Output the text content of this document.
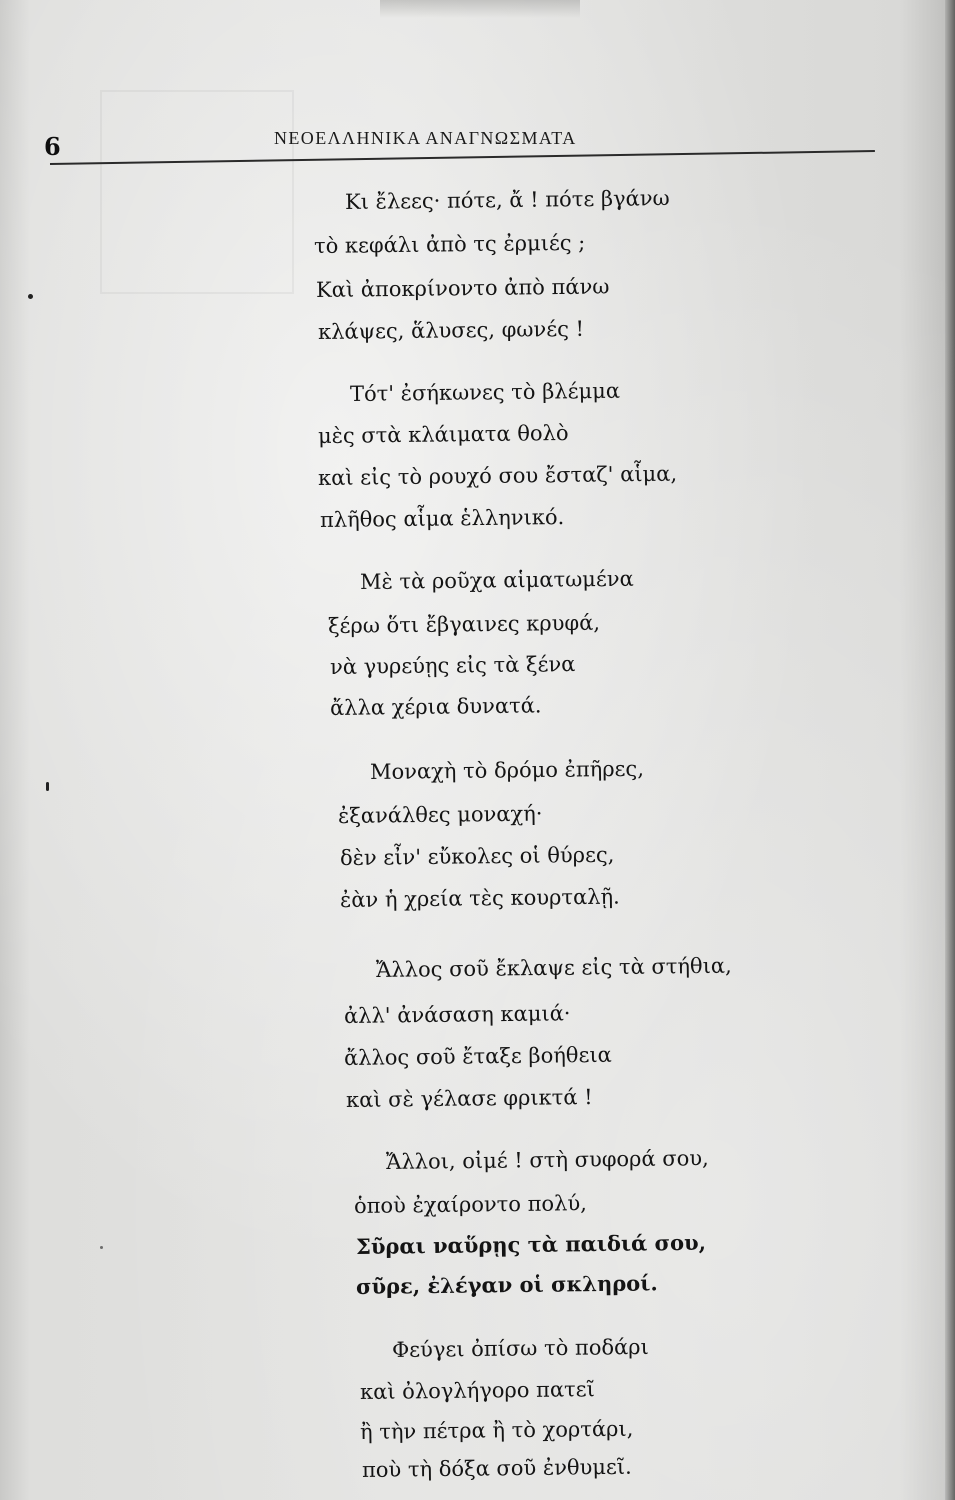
6	ΝΕΟΕΛΛΗΝΙΚΑ ΑΝΑΓΝΩΣΜΑΤΑ
Κι ἔλεες· πότε, ἄ ! πότε βγάνω
τὸ κεφάλι ἀπὸ τς ἐρμιές ;
Καὶ ἀποκρίνοντο ἀπὸ πάνω
κλάψες, ἅλυσες, φωνές !
Τότ' ἐσήκωνες τὸ βλέμμα
μὲς στὰ κλάιματα θολὸ
καὶ εἰς τὸ ρουχό σου ἔσταζ' αἷμα,
πλῆθος αἷμα ἑλληνικό.
Μὲ τὰ ροῦχα αἱματωμένα
ξέρω ὅτι ἔβγαινες κρυφά,
νὰ γυρεύῃς εἰς τὰ ξένα
ἄλλα χέρια δυνατά.
Μοναχὴ τὸ δρόμο ἐπῆρες,
ἐξανάλθες μοναχή·
δὲν εἶν' εὔκολες οἱ θύρες,
ἐὰν ἡ χρεία τὲς κουρταλῇ.
Ἄλλος σοῦ ἔκλαψε εἰς τὰ στήθια,
ἀλλ' ἀνάσαση καμιά·
ἄλλος σοῦ ἔταξε βοήθεια
καὶ σὲ γέλασε φρικτά !
Ἄλλοι, οἰμέ ! στὴ συφορά σου,
ὁποὺ ἐχαίροντο πολύ,
Σῦραι ναὕρῃς τὰ παιδιά σου,
σῦρε, ἐλέγαν οἱ σκληροί.
Φεύγει ὀπίσω τὸ ποδάρι
καὶ ὀλογλήγορο πατεῖ
ἢ τὴν πέτρα ἢ τὸ χορτάρι,
ποὺ τὴ δόξα σοῦ ἐνθυμεῖ.
